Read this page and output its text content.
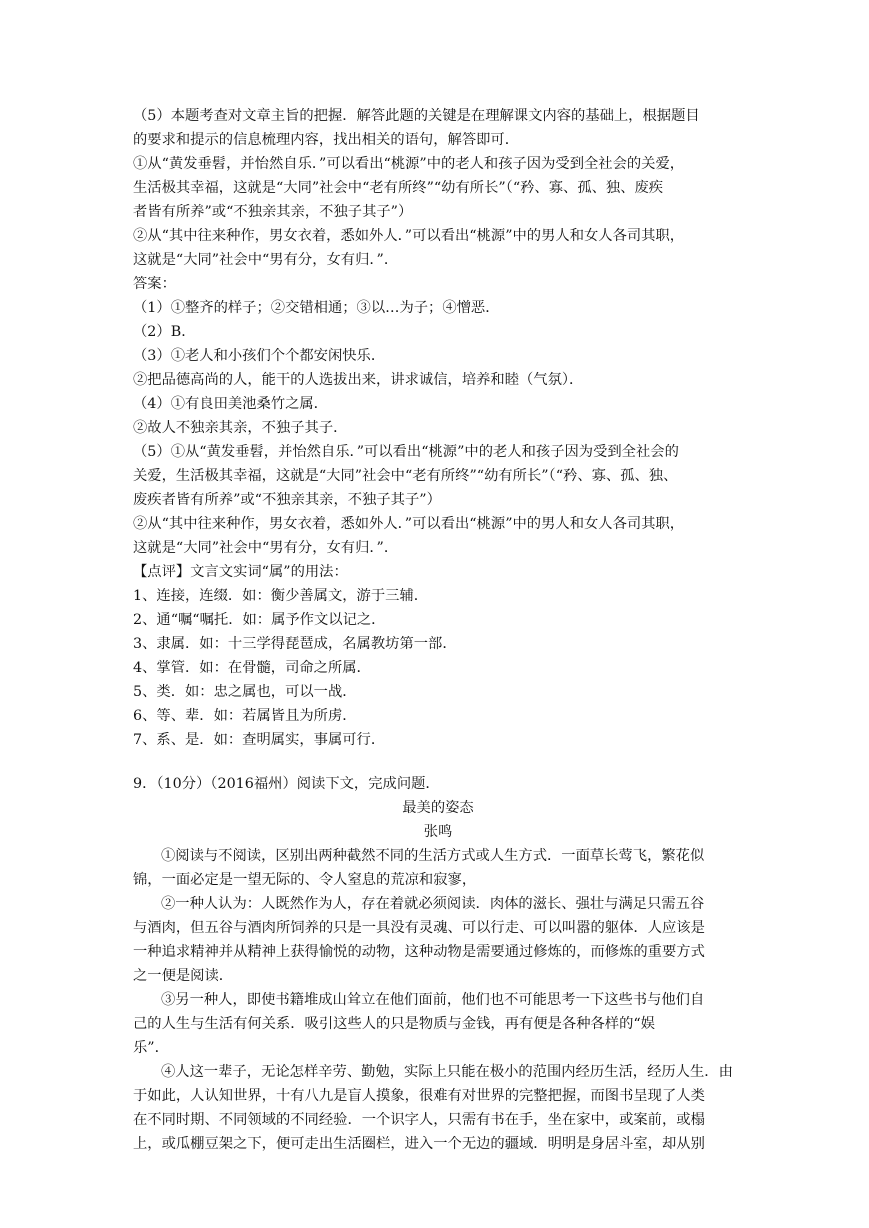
（5）本题考查对文章主旨的把握．解答此题的关键是在理解课文内容的基础上，根据题目
的要求和提示的信息梳理内容，找出相关的语句，解答即可．
①从“黄发垂髫，并怡然自乐．”可以看出“桃源”中的老人和孩子因为受到全社会的关爱，
生活极其幸福，这就是“大同”社会中“老有所终”“幼有所长”（“矜、寡、孤、独、废疾
者皆有所养”或“不独亲其亲，不独子其子”）
②从“其中往来种作，男女衣着，悉如外人．”可以看出“桃源”中的男人和女人各司其职，
这就是“大同”社会中“男有分，女有归．”．
答案：
（1）①整齐的样子；②交错相通；③以…为子；④憎恶．
（2）B．
（3）①老人和小孩们个个都安闲快乐．
②把品德高尚的人，能干的人选拔出来，讲求诚信，培养和睦（气氛）．
（4）①有良田美池桑竹之属．
②故人不独亲其亲，不独子其子．
（5）①从“黄发垂髫，并怡然自乐．”可以看出“桃源”中的老人和孩子因为受到全社会的
关爱，生活极其幸福，这就是“大同”社会中“老有所终”“幼有所长”（“矜、寡、孤、独、
废疾者皆有所养”或“不独亲其亲，不独子其子”）
②从“其中往来种作，男女衣着，悉如外人．”可以看出“桃源”中的男人和女人各司其职，
这就是“大同”社会中“男有分，女有归．”．
【点评】文言文实词“属”的用法：
1、连接，连缀．如：衡少善属文，游于三辅．
2、通“嘱“嘱托．如：属予作文以记之．
3、隶属．如：十三学得琵琶成，名属教坊第一部．
4、掌管．如：在骨髓，司命之所属．
5、类．如：忠之属也，可以一战．
6、等、辈．如：若属皆且为所虏．
7、系、是．如：查明属实，事属可行．
9．（10分）（2016福州）阅读下文，完成问题．
最美的姿态
张鸣
①阅读与不阅读，区别出两种截然不同的生活方式或人生方式．一面草长莺飞，繁花似
锦，一面必定是一望无际的、令人窒息的荒凉和寂寥，
②一种人认为：人既然作为人，存在着就必须阅读．肉体的滋长、强壮与满足只需五谷
与酒肉，但五谷与酒肉所饲养的只是一具没有灵魂、可以行走、可以叫嚣的躯体．人应该是
一种追求精神并从精神上获得愉悦的动物，这种动物是需要通过修炼的，而修炼的重要方式
之一便是阅读．
③另一种人，即使书籍堆成山耸立在他们面前，他们也不可能思考一下这些书与他们自
己的人生与生活有何关系．吸引这些人的只是物质与金钱，再有便是各种各样的“娱
乐”．
④人这一辈子，无论怎样辛劳、勤勉，实际上只能在极小的范围内经历生活，经历人生．由
于如此，人认知世界，十有八九是盲人摸象，很难有对世界的完整把握，而图书呈现了人类
在不同时期、不同领域的不同经验．一个识字人，只需有书在手，坐在家中，或案前，或榻
上，或瓜棚豆架之下，便可走出生活圈栏，进入一个无边的疆域．明明是身居斗室，却从别
